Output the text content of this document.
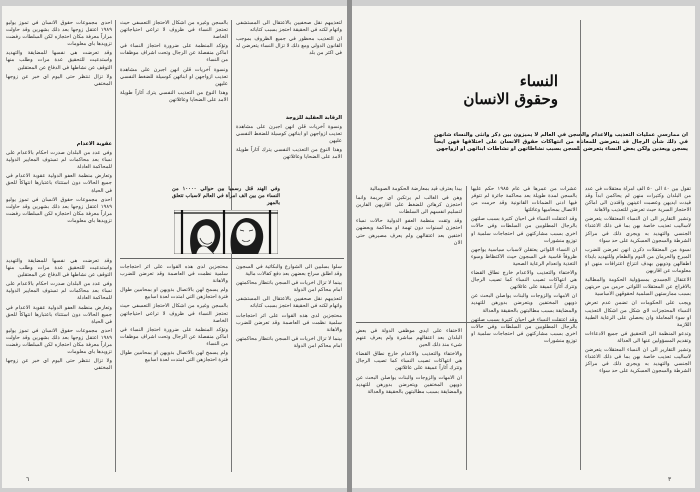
لتعذيبهم نقل صحفيين بالاعتقال الى المستشفى واتهام لكنه في الحقيقة احتجز بسبب كتاباته

ان التعذيب محظور في جميع الظروف بموجب القانون الدولي ومع ذلك لا تزال النساء يتعرضن له في اكثر من بلد

الرقابة العقلية للزوجة

ونسوة آخريات قلن انهن اجبرن على مشاهدة تعذيب ازواجهن او ابنائهن كوسيلة للضغط النفسي عليهن

وهذا النوع من التعذيب النفسي يترك آثاراً طويلة الامد على الضحايا وعائلاتهن

بالسجن وغيره من اشكال الاحتجاز التعسفي حيث تحتجز النساء في ظروف لا تراعي احتياجاتهن الخاصة

وتؤكد المنظمة على ضرورة احتجاز النساء في اماكن منفصلة عن الرجال وتحت اشراف موظفات من النساء

ونسوة آخريات قلن انهن اجبرن على مشاهدة تعذيب ازواجهن او ابنائهن كوسيلة للضغط النفسي عليهن

وهذا النوع من التعذيب النفسي يترك آثاراً طويلة الامد على الضحايا وعائلاتهن

وفي الهند قتل رسمياً بين حوالي ١٠٠٠٠ من النساء من بين الف امرأة في العالم لاسباب تتعلق بالمهر

احدى مجموعات حقوق الانسان في تموز يوليو ١٩٨٩ اعتقل زوجها بعد ذلك بشهرين وقد حاولت مراراً معرفة مكان احتجازه لكن السلطات رفضت تزويدها باي معلومات

وقد تعرضت هي نفسها للمضايقة والتهديد واستدعيت للتحقيق عدة مرات وطلب منها التوقف عن نشاطها في الدفاع عن المعتقلين

ولا تزال تنتظر حتى اليوم اي خبر عن زوجها المختفي

عقوبة الاعدام

وفي عدد من البلدان صدرت احكام بالاعدام على نساء بعد محاكمات لم تستوف المعايير الدولية للمحاكمة العادلة

وتعارض منظمة العفو الدولية عقوبة الاعدام في جميع الحالات دون استثناء باعتبارها انتهاكاً للحق في الحياة

احدى مجموعات حقوق الانسان في تموز يوليو ١٩٨٩ اعتقل زوجها بعد ذلك بشهرين وقد حاولت مراراً معرفة مكان احتجازه لكن السلطات رفضت تزويدها باي معلومات

وقد تعرضت هي نفسها للمضايقة والتهديد واستدعيت للتحقيق عدة مرات وطلب منها التوقف عن نشاطها في الدفاع عن المعتقلين

وفي عدد من البلدان صدرت احكام بالاعدام على نساء بعد محاكمات لم تستوف المعايير الدولية للمحاكمة العادلة

وتعارض منظمة العفو الدولية عقوبة الاعدام في جميع الحالات دون استثناء باعتبارها انتهاكاً للحق في الحياة

احدى مجموعات حقوق الانسان في تموز يوليو ١٩٨٩ اعتقل زوجها بعد ذلك بشهرين وقد حاولت مراراً معرفة مكان احتجازه لكن السلطات رفضت تزويدها باي معلومات

ولا تزال تنتظر حتى اليوم اي خبر عن زوجها المختفي

محتجزين لدى هذه القوات على اثر احتجاجات سلمية نظمت في العاصمة وقد تعرضن للضرب والاهانة

ولم يسمح لهن بالاتصال بذويهن او بمحامين طوال فترة احتجازهن التي امتدت لعدة اسابيع

بالسجن وغيره من اشكال الاحتجاز التعسفي حيث تحتجز النساء في ظروف لا تراعي احتياجاتهن الخاصة

وتؤكد المنظمة على ضرورة احتجاز النساء في اماكن منفصلة عن الرجال وتحت اشراف موظفات من النساء

ولم يسمح لهن بالاتصال بذويهن او بمحامين طوال فترة احتجازهن التي امتدت لعدة اسابيع

سلوا بسلبين الى الشوارع والبكائية في السجون وقد اطلق سراح بعضهن بعد دفع كفالات مالية

بينما لا تزال اخريات في السجن بانتظار محاكمتهن امام محاكم امن الدولة

لتعذيبهم نقل صحفيين بالاعتقال الى المستشفى واتهام لكنه في الحقيقة احتجز بسبب كتاباته

محتجزين لدى هذه القوات على اثر احتجاجات سلمية نظمت في العاصمة وقد تعرضن للضرب والاهانة

بينما لا تزال اخريات في السجن بانتظار محاكمتهن امام محاكم امن الدولة

٦
النساء
وحقوق الانسان
ان ممارسي عمليات التعذيب والاعدام والسجن في العالم لا يميزون بين ذكر وانثى والنساء شأنهن في ذلك شأن الرجال قد يتعرضن للمعاناة من انتهاكات حقوق الانسان على اختلافها فهن ايضاً يسجن ويعذبن ولكن بعض النساء يتعرضن للسجن بسبب نشاطاتهن او نشاطات ابنائهن او ازواجهن

تقول بين ٤٠ الى ٥٠ الف امرأة معتقلات في عدد من البلدان وكثيرات منهن لم يحاكمن ابداً وقد قيدت ايديهن وعصبت اعينهن واقتدن الى اماكن الاحتجاز السرية حيث تعرضن للتعذيب والاهانة

وتشير التقارير الى ان النساء المعتقلات يتعرضن لاساليب تعذيب خاصة بهن بما في ذلك الاعتداء الجنسي والتهديد به ويجري ذلك في مراكز الشرطة والسجون العسكرية على حد سواء

نسوة من المعتقلات ذكرن انهن تعرضن للضرب المبرح والحرمان من النوم والطعام وللتهديد بايذاء اطفالهن وذويهن بهدف انتزاع اعترافات منهن او معلومات عن اقاربهن

الاعتقال الجسدي بمسؤولية الحكومة والمطالبة بالافراج عن المعتقلات اللواتي حرمن من حريتهن بسبب ممارستهن السلمية لحقوقهن الاساسية

ويجب على الحكومات ان تضمن عدم تعرض النساء المحتجزات لاي شكل من اشكال التعذيب او سوء المعاملة وان يحصلن على الرعاية الطبية اللازمة

وتدعو المنظمة الى التحقيق في جميع الادعاءات وتقديم المسؤولين عنها الى العدالة

وتشير التقارير الى ان النساء المعتقلات يتعرضن لاساليب تعذيب خاصة بهن بما في ذلك الاعتداء الجنسي والتهديد به ويجري ذلك في مراكز الشرطة والسجون العسكرية على حد سواء

عشرات من عمرها في عام ١٩٨٥ حكم عليها بالسجن لمدة طويلة بعد محاكمة جائرة لم تتوفر فيها ادنى الضمانات القانونية وقد حرمت من الاتصال بمحاميها وعائلتها

وقد اعتقلت النساء في احيان كثيرة بسبب صلتهن بالرجال المطلوبين من السلطات وفي حالات اخرى بسبب مشاركتهن في احتجاجات سلمية او توزيع منشورات

ان النساء اللواتي يعتقلن لاسباب سياسية يواجهن ظروفاً قاسية في السجون حيث الاكتظاظ وسوء التغذية وانعدام الرعاية الصحية

والاختفاء والتعذيب والاعدام خارج نطاق القضاء هي انتهاكات تصيب النساء كما تصيب الرجال وتترك آثاراً عميقة على عائلاتهن

ان الامهات والزوجات والبنات يواصلن البحث عن ذويهن المختفين ويتعرضن بدورهن للتهديد والمضايقة بسبب مطالبتهن بالحقيقة والعدالة

وقد اعتقلت النساء في احيان كثيرة بسبب صلتهن بالرجال المطلوبين من السلطات وفي حالات اخرى بسبب مشاركتهن في احتجاجات سلمية او توزيع منشورات

يبدأ يعترف قيد بمعارضة الحكومة الصومالية

وهن في الغالب لم يرتكبن اي جريمة وانما احتجزن كرهائن للضغط على اقاربهن الفارين لتسليم انفسهم الى السلطات

وقد وثقت منظمة العفو الدولية حالات نساء احتجزن لسنوات دون تهمة او محاكمة وبعضهن اختفين بعد اعتقالهن ولم يعرف مصيرهن حتى الان

الاختفاء على ايدي موظفي الدولة في بعض البلدان بعد اعتقالهم مباشرة ولم يعرف عنهم شيء منذ ذلك الحين

والاختفاء والتعذيب والاعدام خارج نطاق القضاء هي انتهاكات تصيب النساء كما تصيب الرجال وتترك آثاراً عميقة على عائلاتهن

ان الامهات والزوجات والبنات يواصلن البحث عن ذويهن المختفين ويتعرضن بدورهن للتهديد والمضايقة بسبب مطالبتهن بالحقيقة والعدالة

٣
